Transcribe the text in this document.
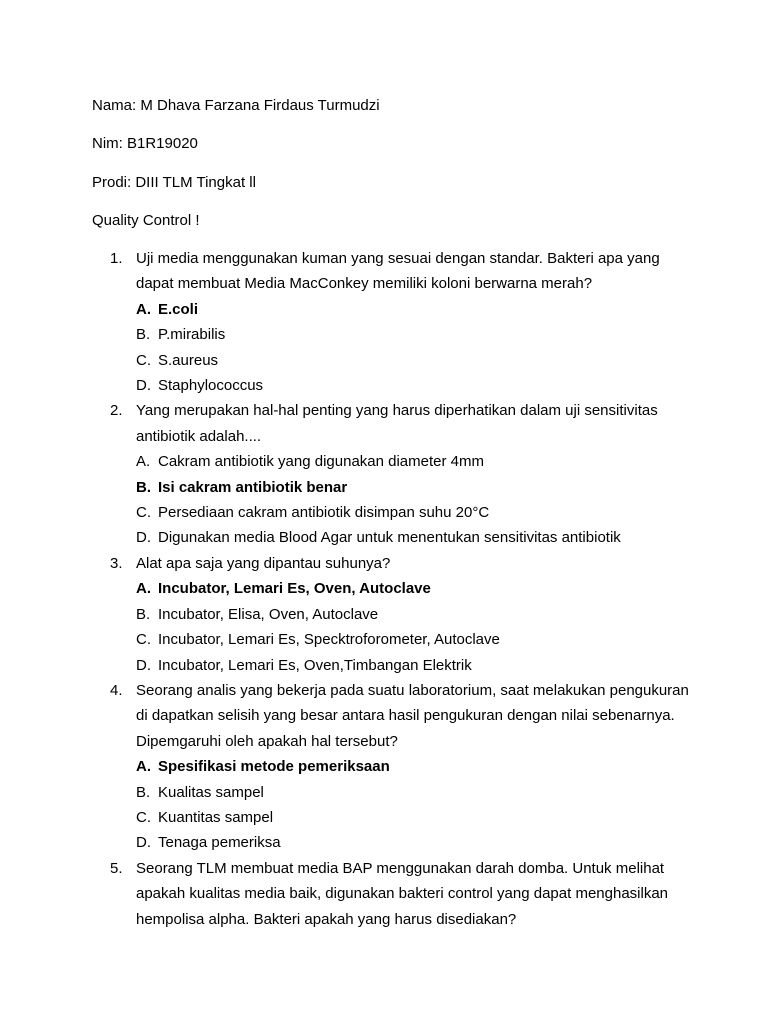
Nama: M Dhava Farzana Firdaus Turmudzi
Nim: B1R19020
Prodi: DIII TLM Tingkat ll
Quality Control !
1. Uji media menggunakan kuman yang sesuai dengan standar. Bakteri apa yang dapat membuat Media MacConkey memiliki koloni berwarna merah?
A. E.coli
B. P.mirabilis
C. S.aureus
D. Staphylococcus
2. Yang merupakan hal-hal penting yang harus diperhatikan dalam uji sensitivitas antibiotik adalah....
A. Cakram antibiotik yang digunakan diameter 4mm
B. Isi cakram antibiotik benar
C. Persediaan cakram antibiotik disimpan suhu 20°C
D. Digunakan media Blood Agar untuk menentukan sensitivitas antibiotik
3. Alat apa saja yang dipantau suhunya?
A. Incubator, Lemari Es, Oven, Autoclave
B. Incubator, Elisa, Oven, Autoclave
C. Incubator, Lemari Es, Specktroforometer, Autoclave
D. Incubator, Lemari Es, Oven,Timbangan Elektrik
4. Seorang analis yang bekerja pada suatu laboratorium, saat melakukan pengukuran di dapatkan selisih yang besar antara hasil pengukuran dengan nilai sebenarnya. Dipemgaruhi oleh apakah hal tersebut?
A. Spesifikasi metode pemeriksaan
B. Kualitas sampel
C. Kuantitas sampel
D. Tenaga pemeriksa
5. Seorang TLM membuat media BAP menggunakan darah domba. Untuk melihat apakah kualitas media baik, digunakan bakteri control yang dapat menghasilkan hempolisa alpha. Bakteri apakah yang harus disediakan?
